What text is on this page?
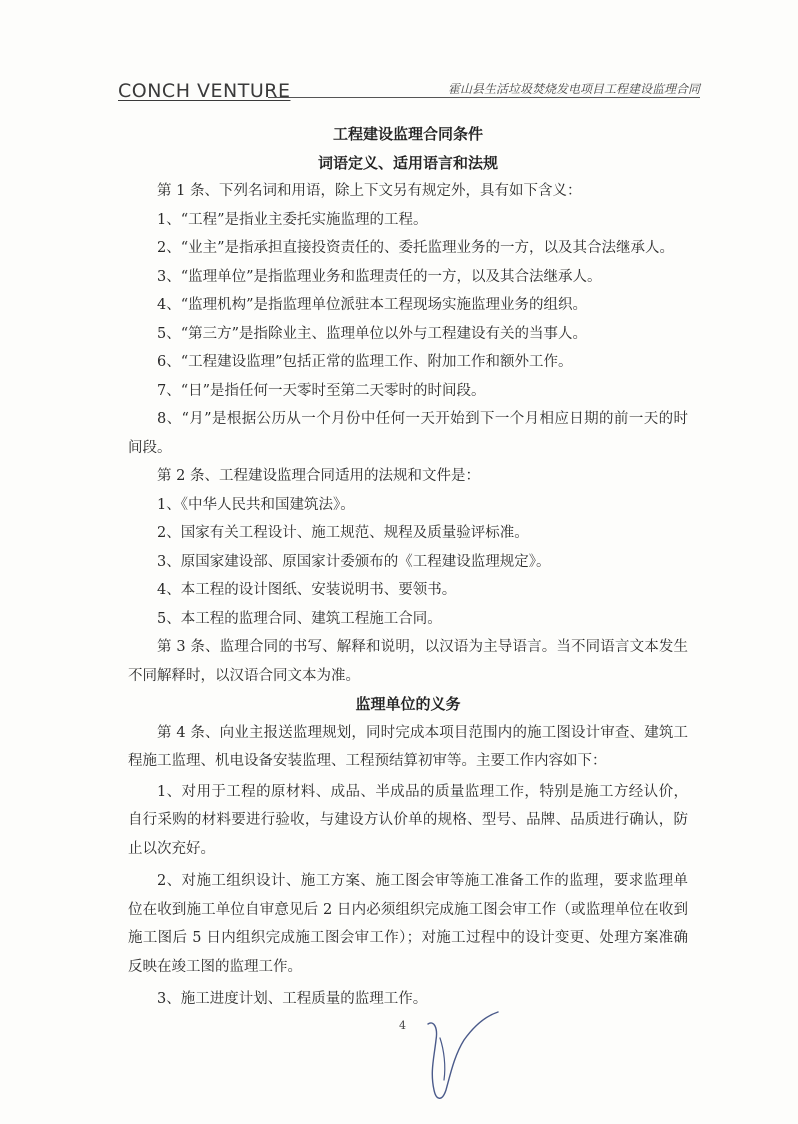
CONCH VENTURE	霍山县生活垃圾焚烧发电项目工程建设监理合同
工程建设监理合同条件
词语定义、适用语言和法规
第 1 条、下列名词和用语，除上下文另有规定外，具有如下含义：
1、“工程”是指业主委托实施监理的工程。
2、“业主”是指承担直接投资责任的、委托监理业务的一方，以及其合法继承人。
3、“监理单位”是指监理业务和监理责任的一方，以及其合法继承人。
4、“监理机构”是指监理单位派驻本工程现场实施监理业务的组织。
5、“第三方”是指除业主、监理单位以外与工程建设有关的当事人。
6、“工程建设监理”包括正常的监理工作、附加工作和额外工作。
7、“日”是指任何一天零时至第二天零时的时间段。
8、“月”是根据公历从一个月份中任何一天开始到下一个月相应日期的前一天的时间段。
第 2 条、工程建设监理合同适用的法规和文件是：
1、《中华人民共和国建筑法》。
2、国家有关工程设计、施工规范、规程及质量验评标准。
3、原国家建设部、原国家计委颁布的《工程建设监理规定》。
4、本工程的设计图纸、安装说明书、要领书。
5、本工程的监理合同、建筑工程施工合同。
第 3 条、监理合同的书写、解释和说明，以汉语为主导语言。当不同语言文本发生不同解释时，以汉语合同文本为准。
监理单位的义务
第 4 条、向业主报送监理规划，同时完成本项目范围内的施工图设计审查、建筑工程施工监理、机电设备安装监理、工程预结算初审等。主要工作内容如下：
1、对用于工程的原材料、成品、半成品的质量监理工作，特别是施工方经认价，自行采购的材料要进行验收，与建设方认价单的规格、型号、品牌、品质进行确认，防止以次充好。
2、对施工组织设计、施工方案、施工图会审等施工准备工作的监理，要求监理单位在收到施工单位自审意见后 2 日内必须组织完成施工图会审工作（或监理单位在收到施工图后 5 日内组织完成施工图会审工作）；对施工过程中的设计变更、处理方案准确反映在竣工图的监理工作。
3、施工进度计划、工程质量的监理工作。
4
